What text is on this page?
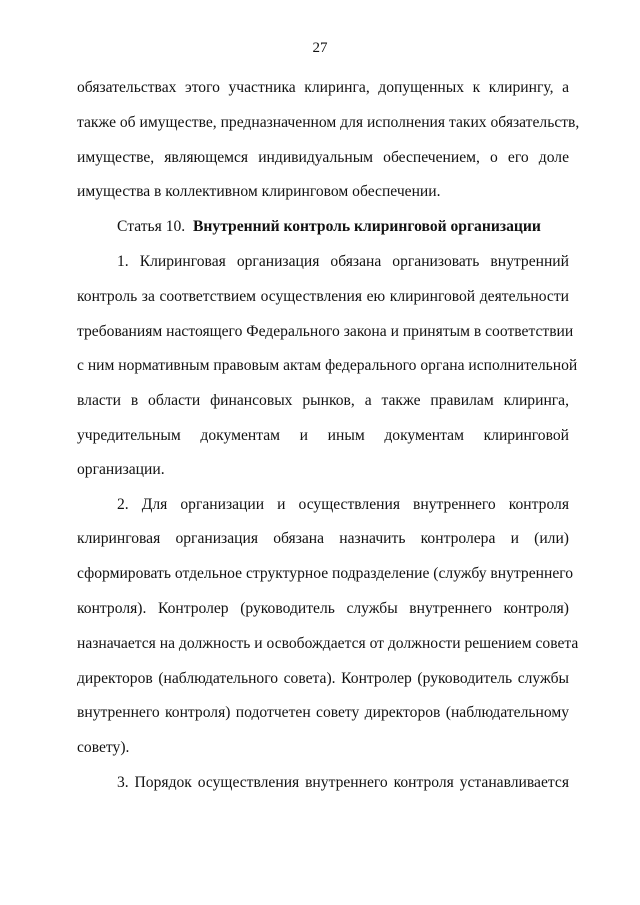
27
обязательствах этого участника клиринга, допущенных к клирингу, а
также об имуществе, предназначенном для исполнения таких обязательств,
имуществе, являющемся индивидуальным обеспечением, о его доле
имущества в коллективном клиринговом обеспечении.
Статья 10. Внутренний контроль клиринговой организации
1. Клиринговая организация обязана организовать внутренний
контроль за соответствием осуществления ею клиринговой деятельности
требованиям настоящего Федерального закона и принятым в соответствии
с ним нормативным правовым актам федерального органа исполнительной
власти в области финансовых рынков, а также правилам клиринга,
учредительным документам и иным документам клиринговой
организации.
2. Для организации и осуществления внутреннего контроля
клиринговая организация обязана назначить контролера и (или)
сформировать отдельное структурное подразделение (службу внутреннего
контроля). Контролер (руководитель службы внутреннего контроля)
назначается на должность и освобождается от должности решением совета
директоров (наблюдательного совета). Контролер (руководитель службы
внутреннего контроля) подотчетен совету директоров (наблюдательному
совету).
3. Порядок осуществления внутреннего контроля устанавливается
